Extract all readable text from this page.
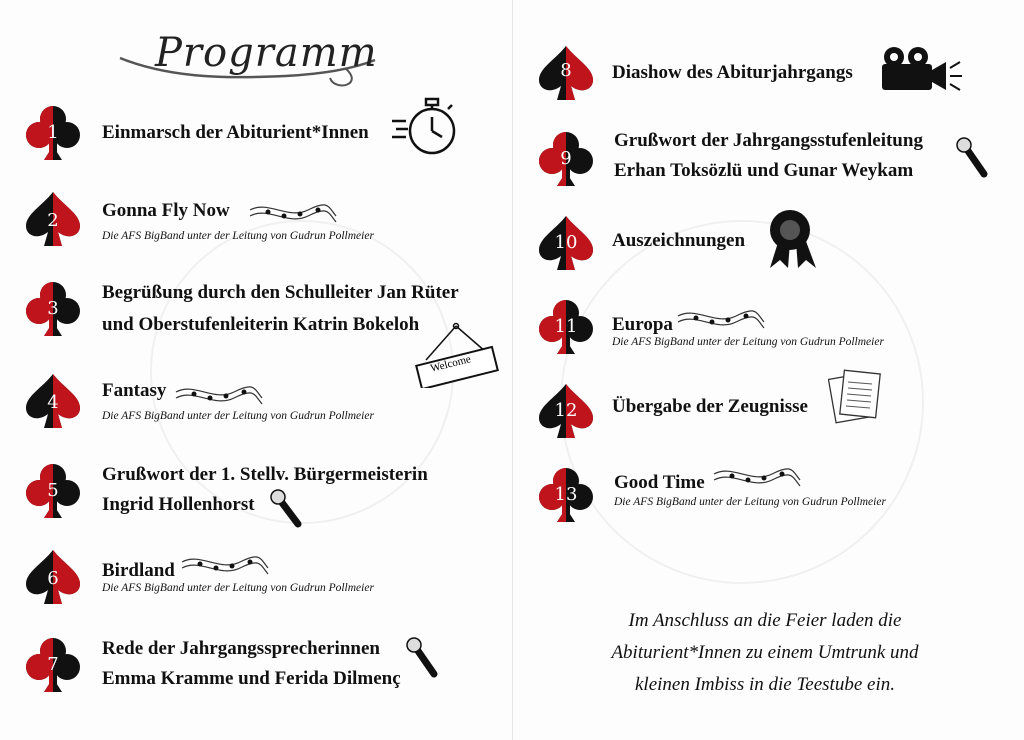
Programm
1	Einmarsch der Abiturient*Innen
2	Gonna Fly Now
Die AFS BigBand unter der Leitung von Gudrun Pollmeier
3
Begrüßung durch den Schulleiter Jan Rüter
und Oberstufenleiterin Katrin Bokeloh
Welcome
4
Fantasy
Die AFS BigBand unter der Leitung von Gudrun Pollmeier
5
Grußwort der 1. Stellv. Bürgermeisterin
Ingrid Hollenhorst
6	Birdland
Die AFS BigBand unter der Leitung von Gudrun Pollmeier
7
Rede der Jahrgangssprecherinnen
Emma Kramme und Ferida Dilmenç
8	Diashow des Abiturjahrgangs
9
Grußwort der Jahrgangsstufenleitung
Erhan Toksözlü und Gunar Weykam
10	Auszeichnungen
11	Europa
Die AFS BigBand unter der Leitung von Gudrun Pollmeier
12	Übergabe der Zeugnisse
13
Good Time
Die AFS BigBand unter der Leitung von Gudrun Pollmeier
Im Anschluss an die Feier laden die
Abiturient*Innen zu einem Umtrunk und
kleinen Imbiss in die Teestube ein.
